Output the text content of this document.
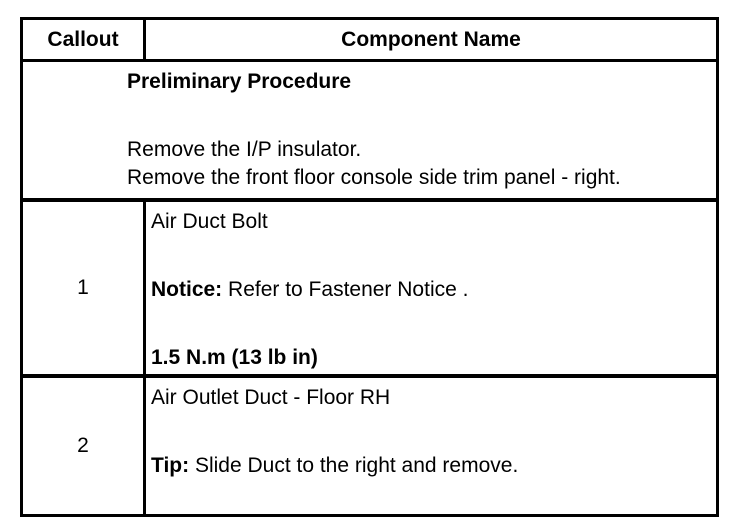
Callout	Component Name
Preliminary Procedure
Remove the I/P insulator.
Remove the front floor console side trim panel - right.
1
Air Duct Bolt
Notice: Refer to Fastener Notice .
1.5 N.m (13 lb in)
2
Air Outlet Duct - Floor RH
Tip: Slide Duct to the right and remove.
